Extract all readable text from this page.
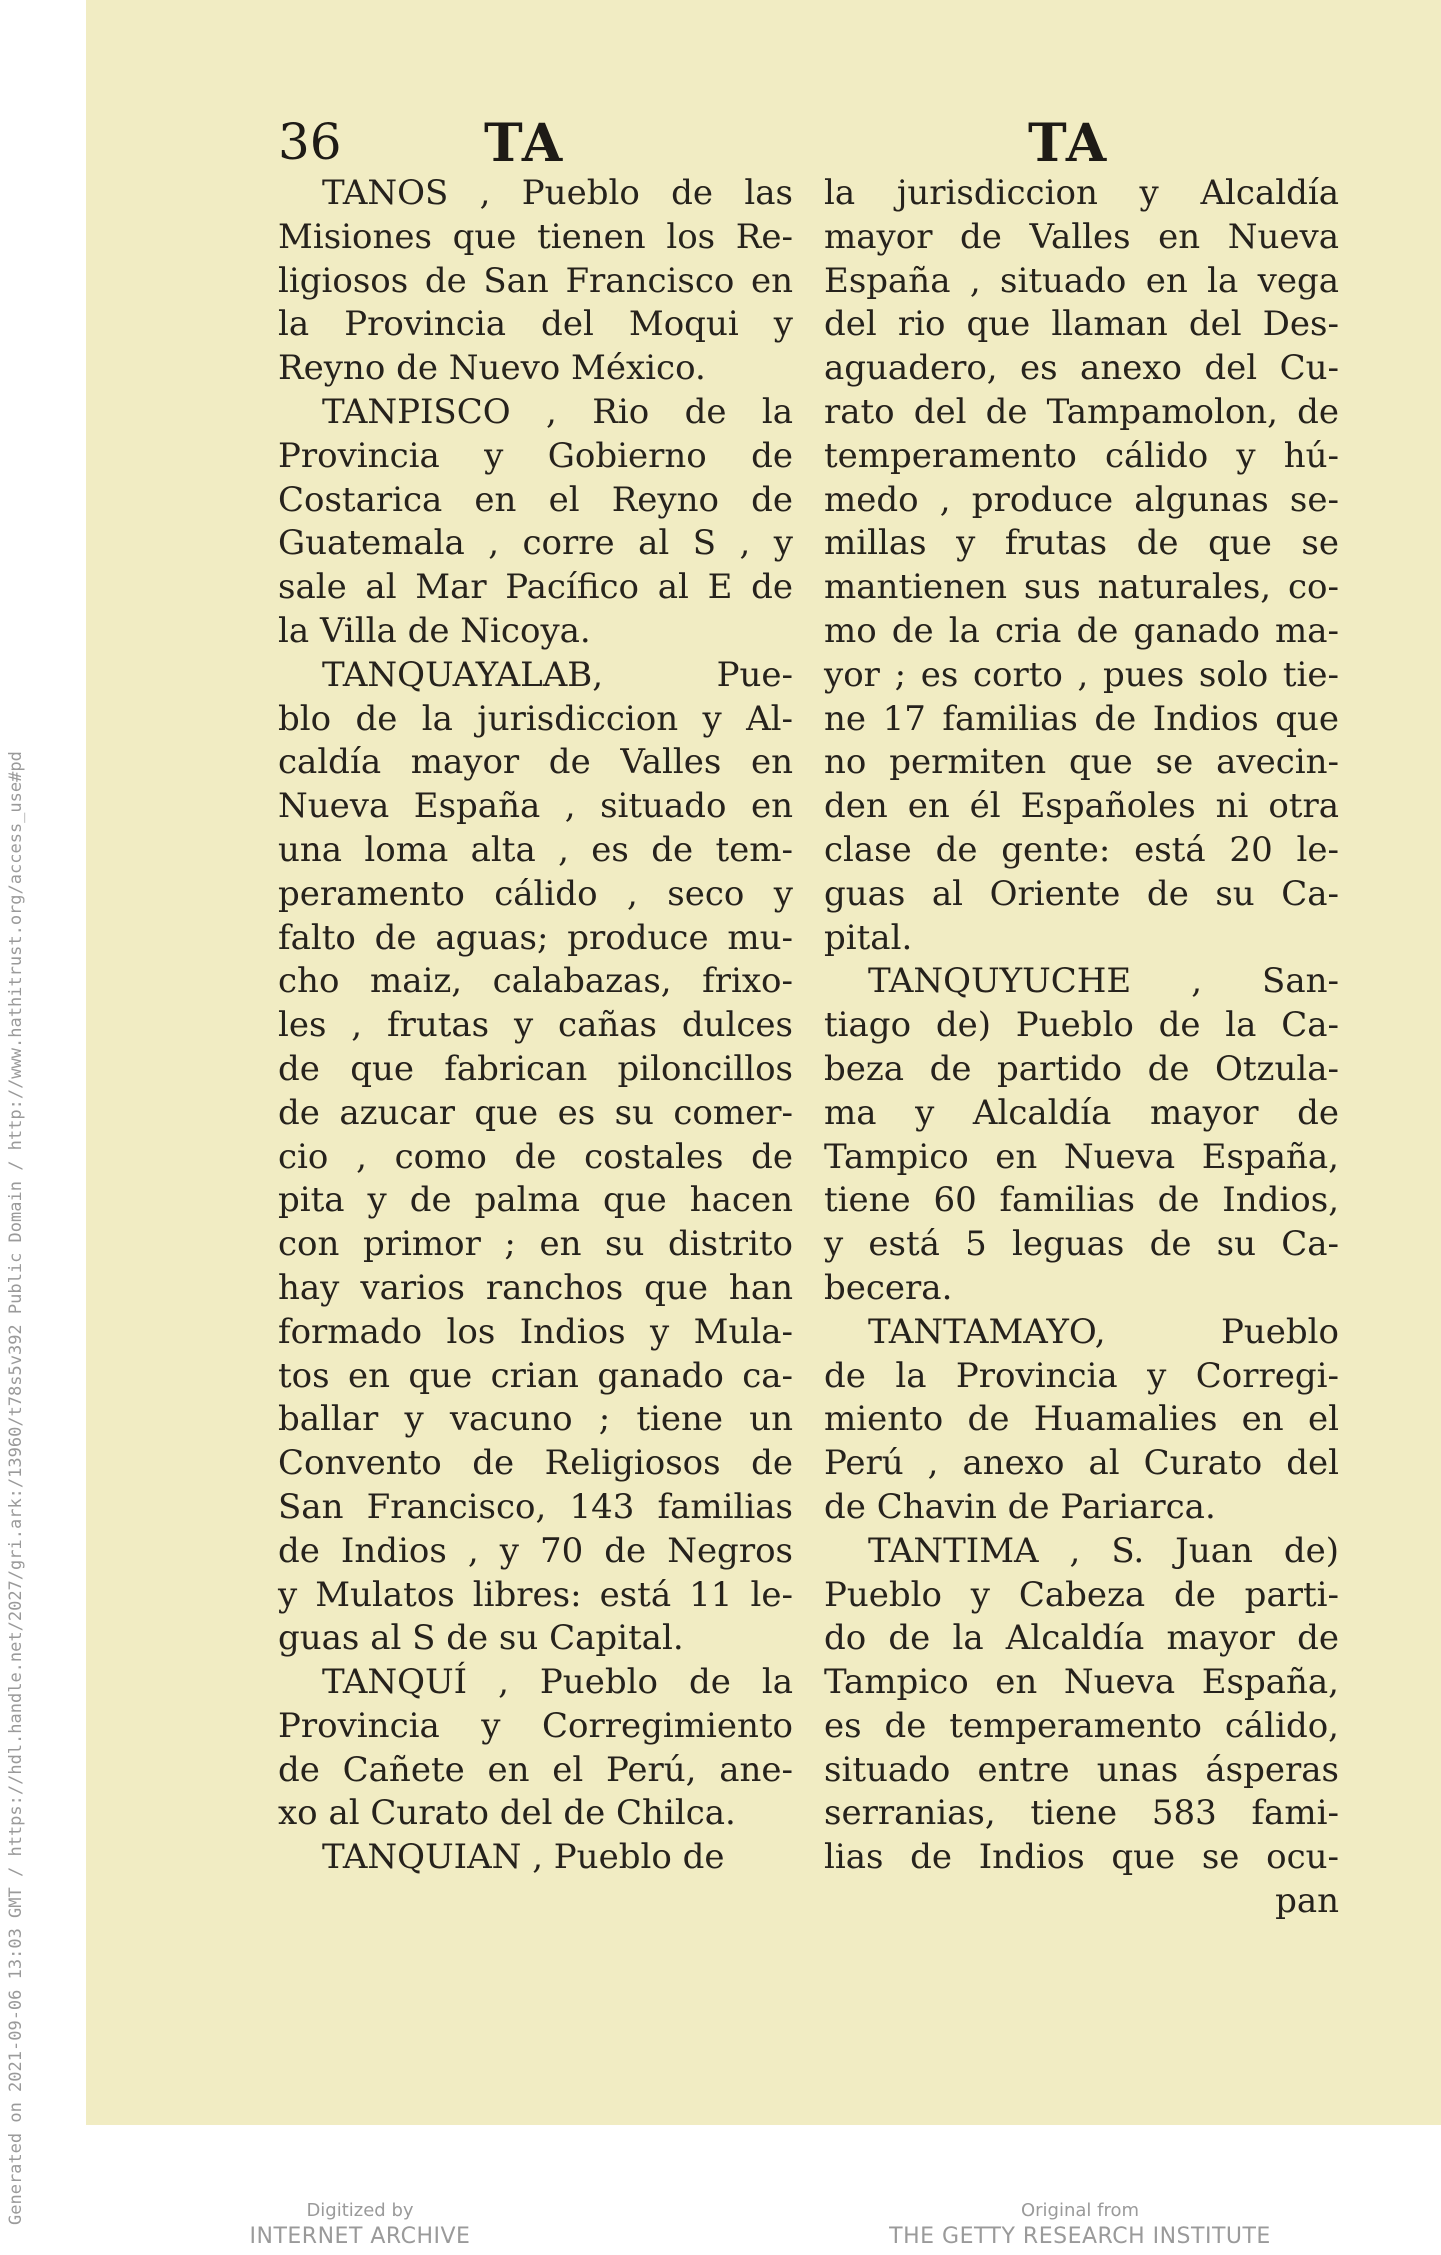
Generated on 2021-09-06 13:03 GMT / https://hdl.handle.net/2027/gri.ark:/13960/t78s5v392 Public Domain / http://www.hathitrust.org/access_use#pd
36	TA	TA
TANOS , Pueblo de las
Misiones que tienen los Re-
ligiosos de San Francisco en
la Provincia del Moqui y
Reyno de Nuevo México.
TANPISCO , Rio de la
Provincia y Gobierno de
Costarica en el Reyno de
Guatemala , corre al S , y
sale al Mar Pacífico al E de
la Villa de Nicoya.
TANQUAYALAB, Pue-
blo de la jurisdiccion y Al-
caldía mayor de Valles en
Nueva España , situado en
una loma alta , es de tem-
peramento cálido , seco y
falto de aguas; produce mu-
cho maiz, calabazas, frixo-
les , frutas y cañas dulces
de que fabrican piloncillos
de azucar que es su comer-
cio , como de costales de
pita y de palma que hacen
con primor ; en su distrito
hay varios ranchos que han
formado los Indios y Mula-
tos en que crian ganado ca-
ballar y vacuno ; tiene un
Convento de Religiosos de
San Francisco, 143 familias
de Indios , y 70 de Negros
y Mulatos libres: está 11 le-
guas al S de su Capital.
TANQUÍ , Pueblo de la
Provincia y Corregimiento
de Cañete en el Perú, ane-
xo al Curato del de Chilca.
TANQUIAN , Pueblo de
la jurisdiccion y Alcaldía
mayor de Valles en Nueva
España , situado en la vega
del rio que llaman del Des-
aguadero, es anexo del Cu-
rato del de Tampamolon, de
temperamento cálido y hú-
medo , produce algunas se-
millas y frutas de que se
mantienen sus naturales, co-
mo de la cria de ganado ma-
yor ; es corto , pues solo tie-
ne 17 familias de Indios que
no permiten que se avecin-
den en él Españoles ni otra
clase de gente: está 20 le-
guas al Oriente de su Ca-
pital.
TANQUYUCHE , San-
tiago de) Pueblo de la Ca-
beza de partido de Otzula-
ma y Alcaldía mayor de
Tampico en Nueva España,
tiene 60 familias de Indios,
y está 5 leguas de su Ca-
becera.
TANTAMAYO, Pueblo
de la Provincia y Corregi-
miento de Huamalies en el
Perú , anexo al Curato del
de Chavin de Pariarca.
TANTIMA , S. Juan de)
Pueblo y Cabeza de parti-
do de la Alcaldía mayor de
Tampico en Nueva España,
es de temperamento cálido,
situado entre unas ásperas
serranias, tiene 583 fami-
lias de Indios que se ocu-
pan
Digitized by
INTERNET ARCHIVE
Original from
THE GETTY RESEARCH INSTITUTE
